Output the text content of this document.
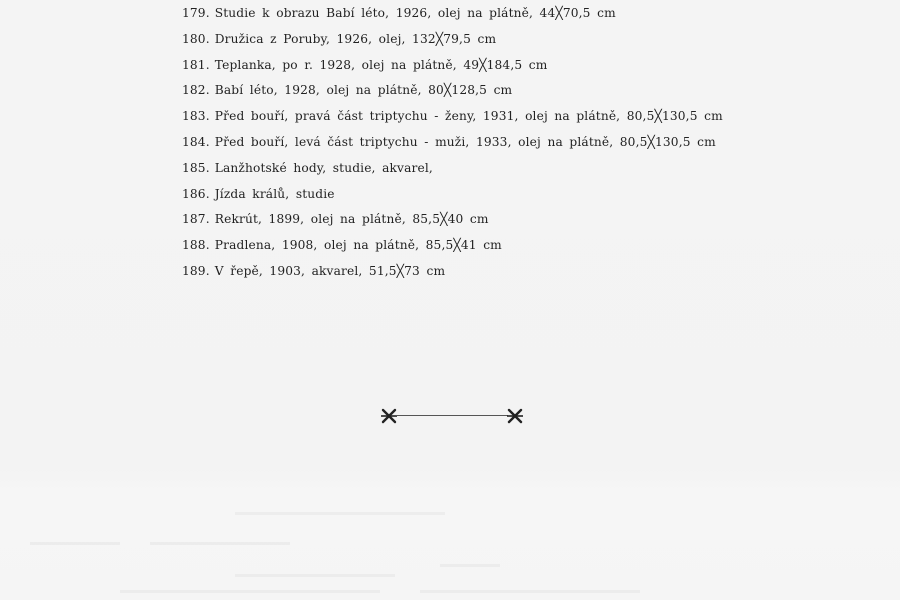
179. Studie k obrazu Babí léto, 1926, olej na plátně, 44╳70,5 cm
180. Družica z Poruby, 1926, olej, 132╳79,5 cm
181. Teplanka, po r. 1928, olej na plátně, 49╳184,5 cm
182. Babí léto, 1928, olej na plátně, 80╳128,5 cm
183. Před bouří, pravá část triptychu - ženy, 1931, olej na plátně, 80,5╳130,5 cm
184. Před bouří, levá část triptychu - muži, 1933, olej na plátně, 80,5╳130,5 cm
185. Lanžhotské hody, studie, akvarel,
186. Jízda králů, studie
187. Rekrút, 1899, olej na plátně, 85,5╳40 cm
188. Pradlena, 1908, olej na plátně, 85,5╳41 cm
189. V řepě, 1903, akvarel, 51,5╳73 cm
